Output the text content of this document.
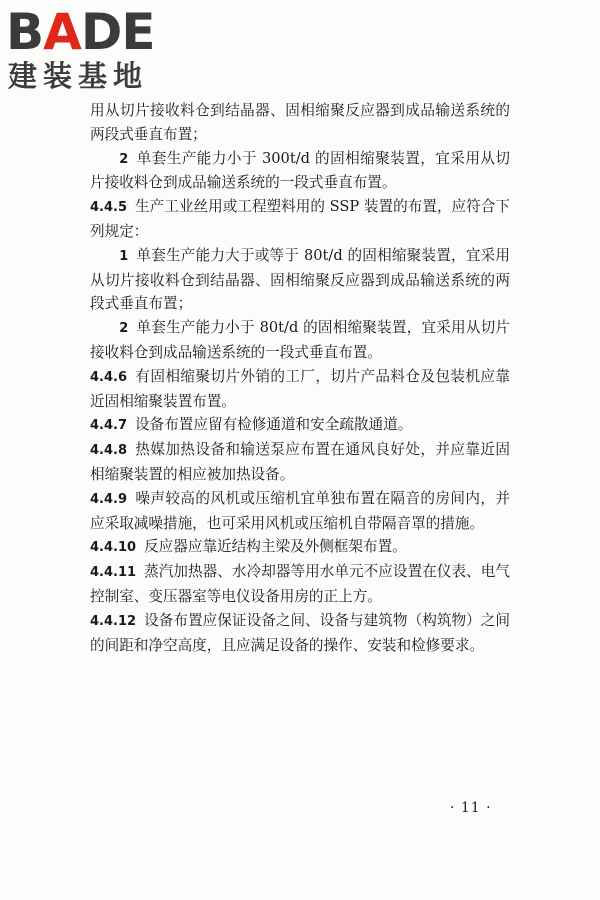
BADE
建装基地

用从切片接收料仓到结晶器、固相缩聚反应器到成品输送系统的两段式垂直布置；

2 单套生产能力小于 300t/d 的固相缩聚装置，宜采用从切片接收料仓到成品输送系统的一段式垂直布置。

4.4.5 生产工业丝用或工程塑料用的 SSP 装置的布置，应符合下列规定：

1 单套生产能力大于或等于 80t/d 的固相缩聚装置，宜采用从切片接收料仓到结晶器、固相缩聚反应器到成品输送系统的两段式垂直布置；

2 单套生产能力小于 80t/d 的固相缩聚装置，宜采用从切片接收料仓到成品输送系统的一段式垂直布置。

4.4.6 有固相缩聚切片外销的工厂，切片产品料仓及包装机应靠近固相缩聚装置布置。

4.4.7 设备布置应留有检修通道和安全疏散通道。

4.4.8 热媒加热设备和输送泵应布置在通风良好处，并应靠近固相缩聚装置的相应被加热设备。

4.4.9 噪声较高的风机或压缩机宜单独布置在隔音的房间内，并应采取减噪措施，也可采用风机或压缩机自带隔音罩的措施。

4.4.10 反应器应靠近结构主梁及外侧框架布置。

4.4.11 蒸汽加热器、水冷却器等用水单元不应设置在仪表、电气控制室、变压器室等电仪设备用房的正上方。

4.4.12 设备布置应保证设备之间、设备与建筑物（构筑物）之间的间距和净空高度，且应满足设备的操作、安装和检修要求。

· 11 ·
